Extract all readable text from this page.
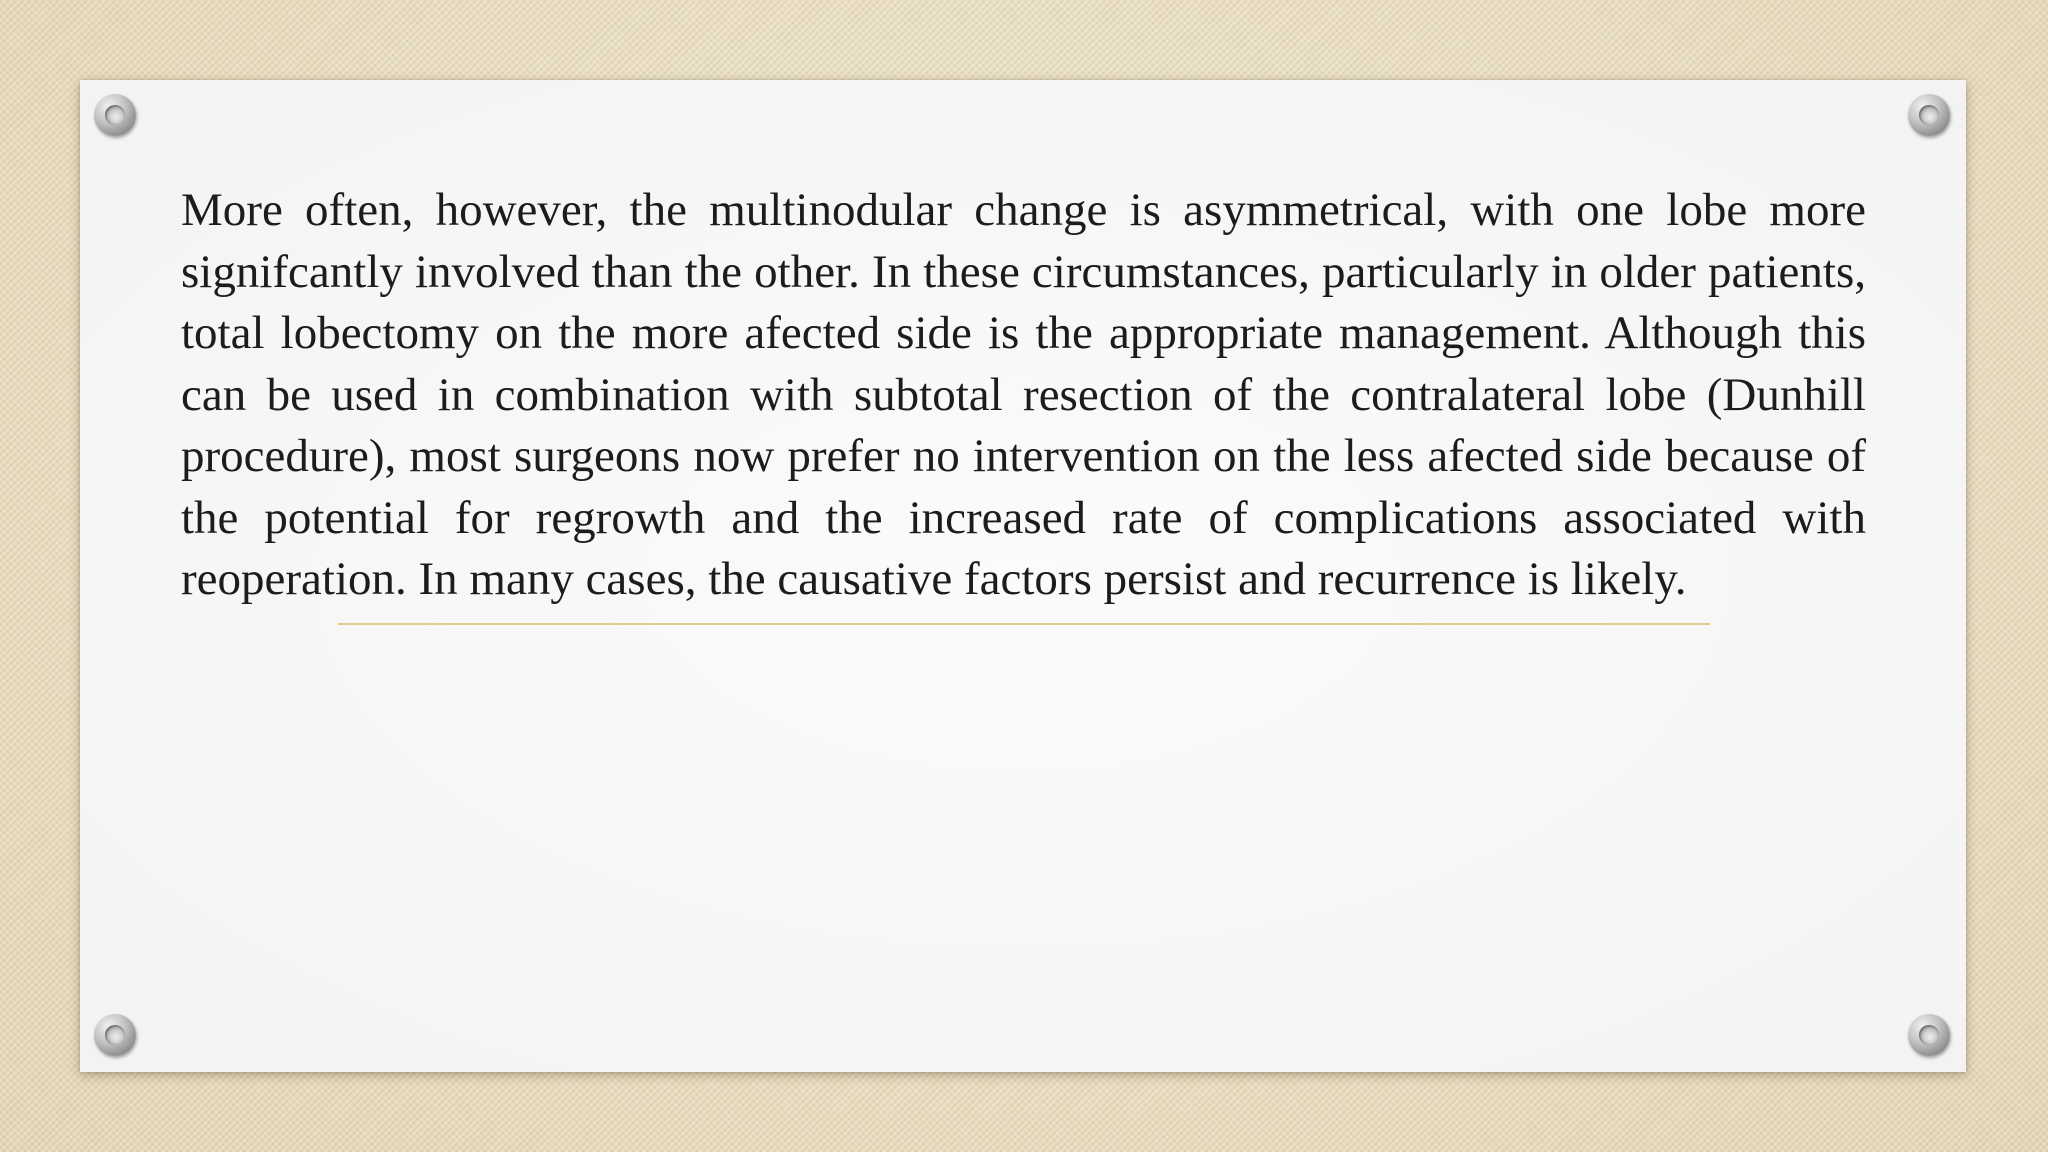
More often, however, the multinodular change is asymmetrical, with one lobe more signifcantly involved than the other. In these circumstances, particularly in older patients, total lobectomy on the more afected side is the appropriate management. Although this can be used in combination with subtotal resection of the contralateral lobe (Dunhill procedure), most surgeons now prefer no intervention on the less afected side because of the potential for regrowth and the increased rate of complications associated with reoperation. In many cases, the causative factors persist and recurrence is likely.
